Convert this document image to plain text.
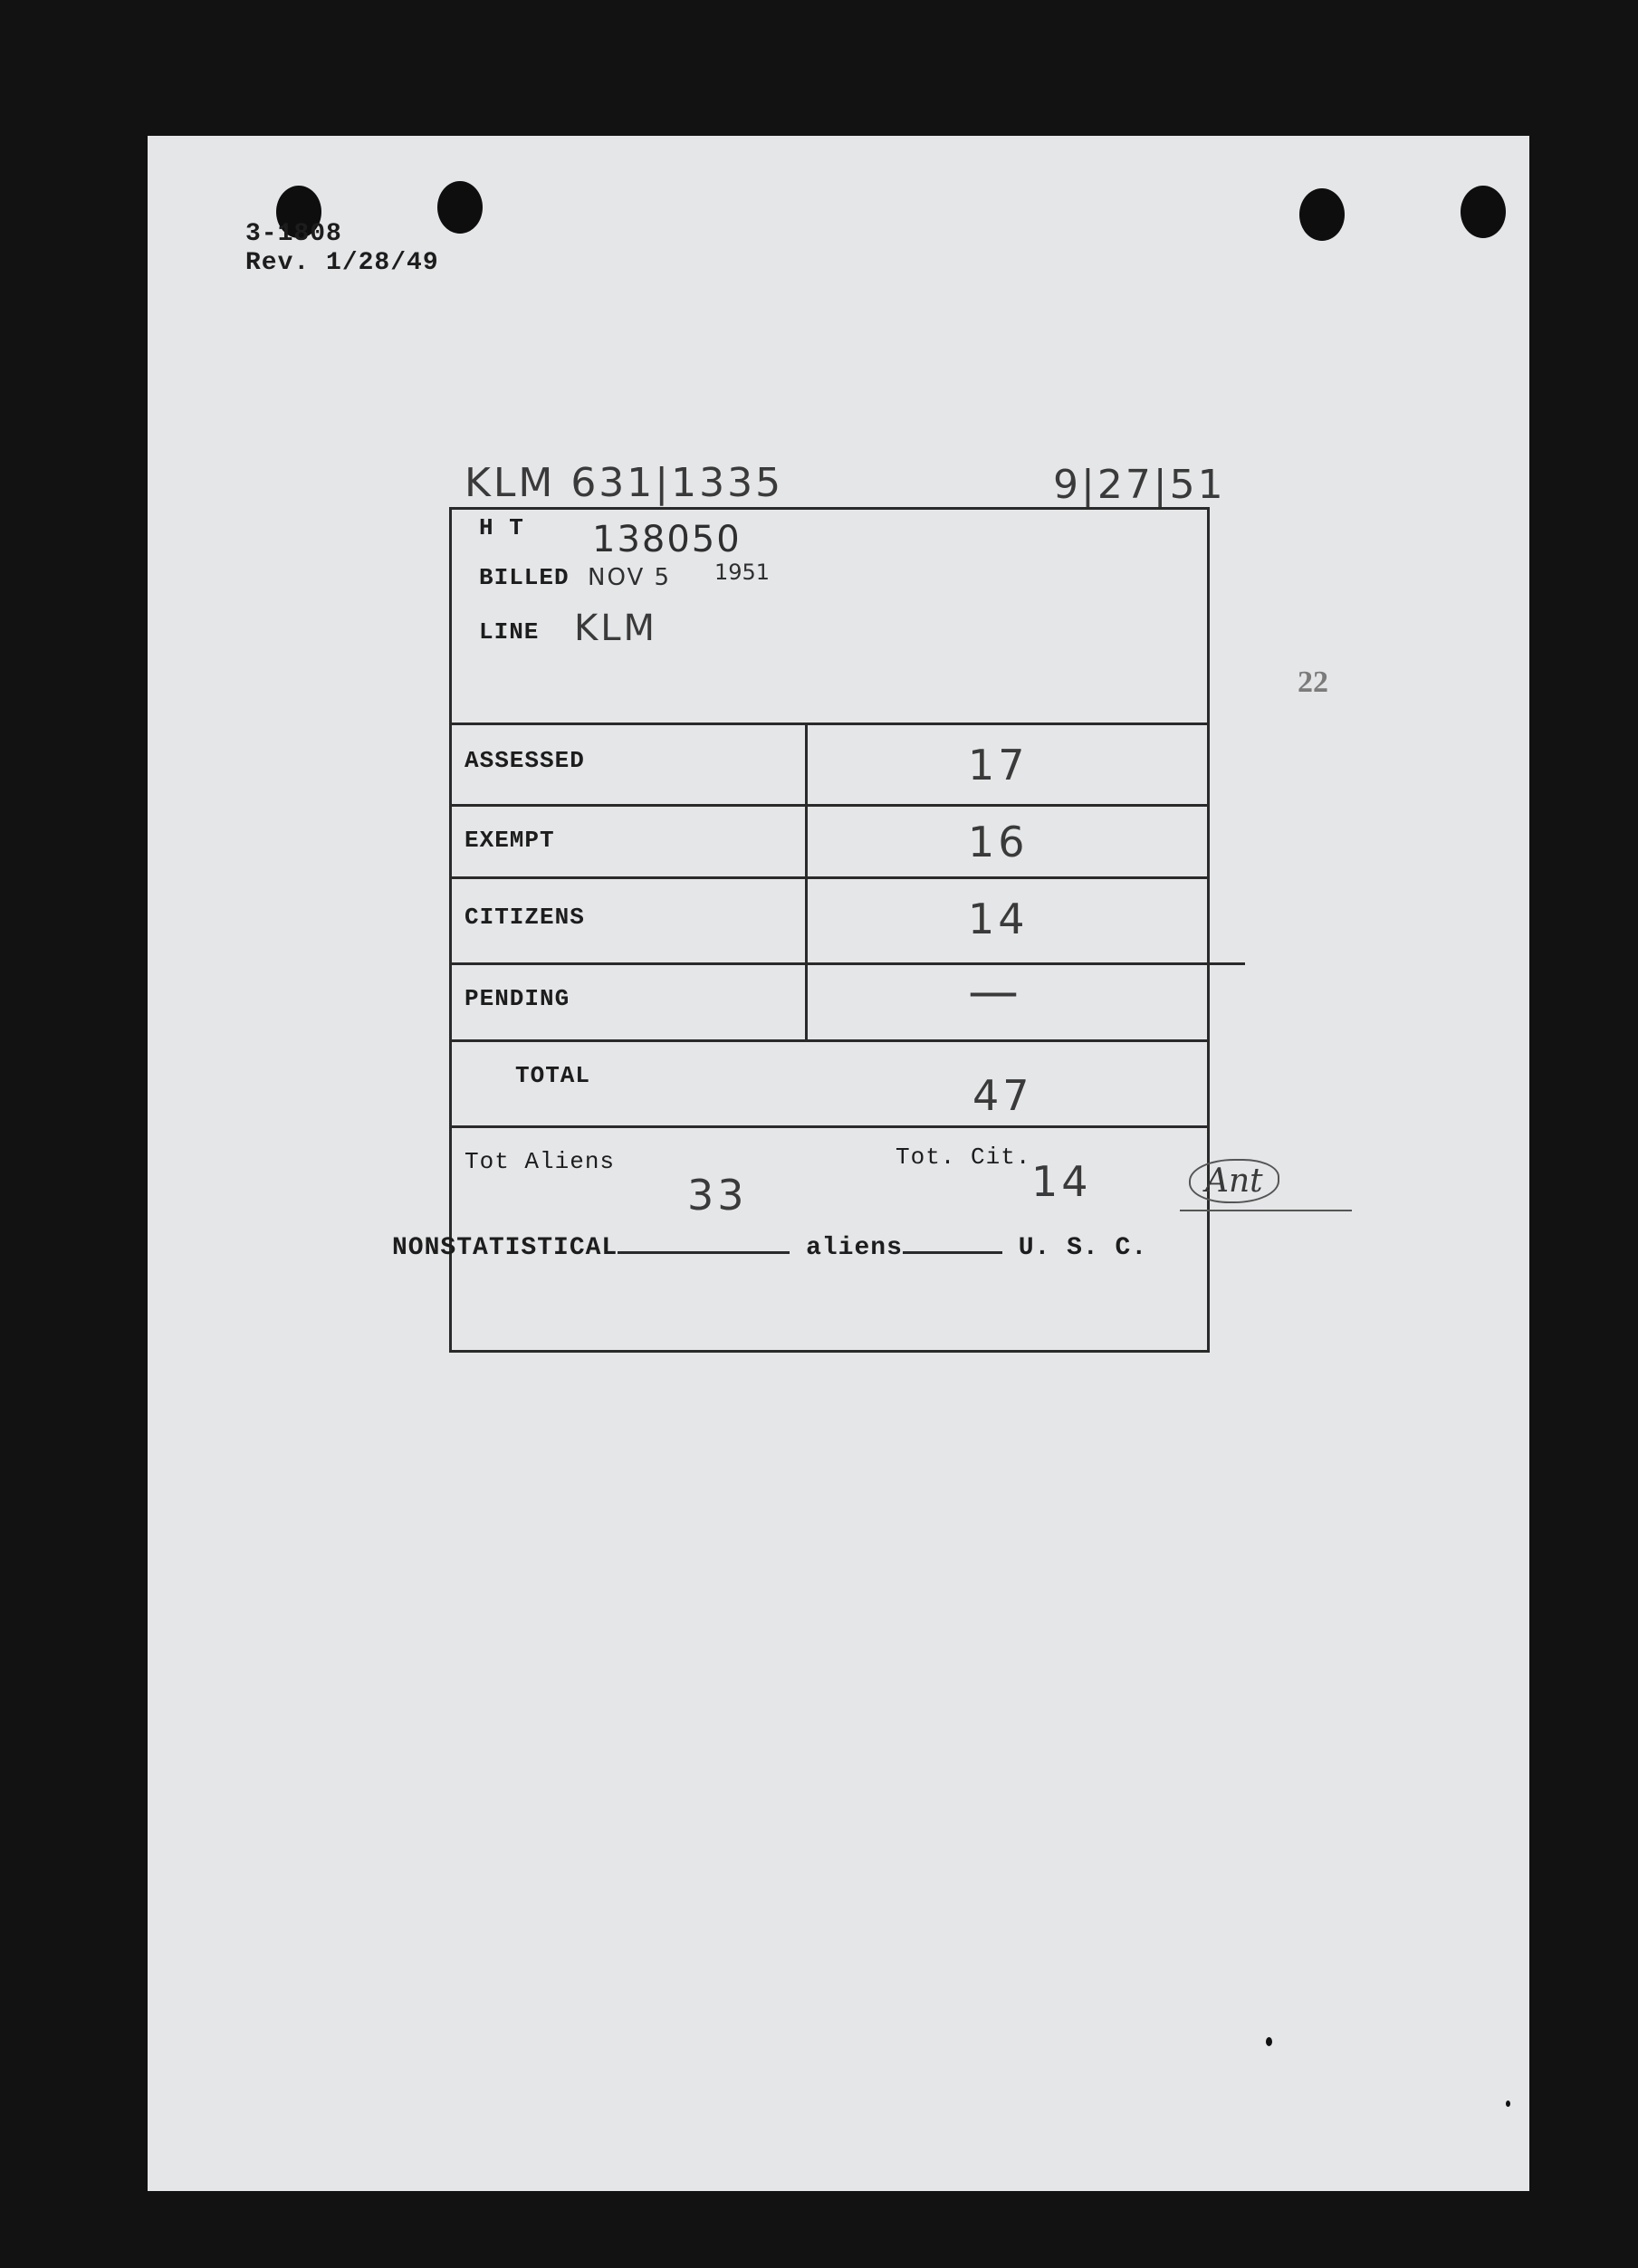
3-1808
Rev. 1/28/49
KLM 631|1335	9|27|51
22
H T 138050
BILLED NOV 5 1951
LINE KLM
ASSESSED	17
EXEMPT	16
CITIZENS	14
PENDING	—
TOTAL	47
Tot Aliens
33
Tot. Cit. 14	Ant
NONSTATISTICAL	aliens	U. S. C.
